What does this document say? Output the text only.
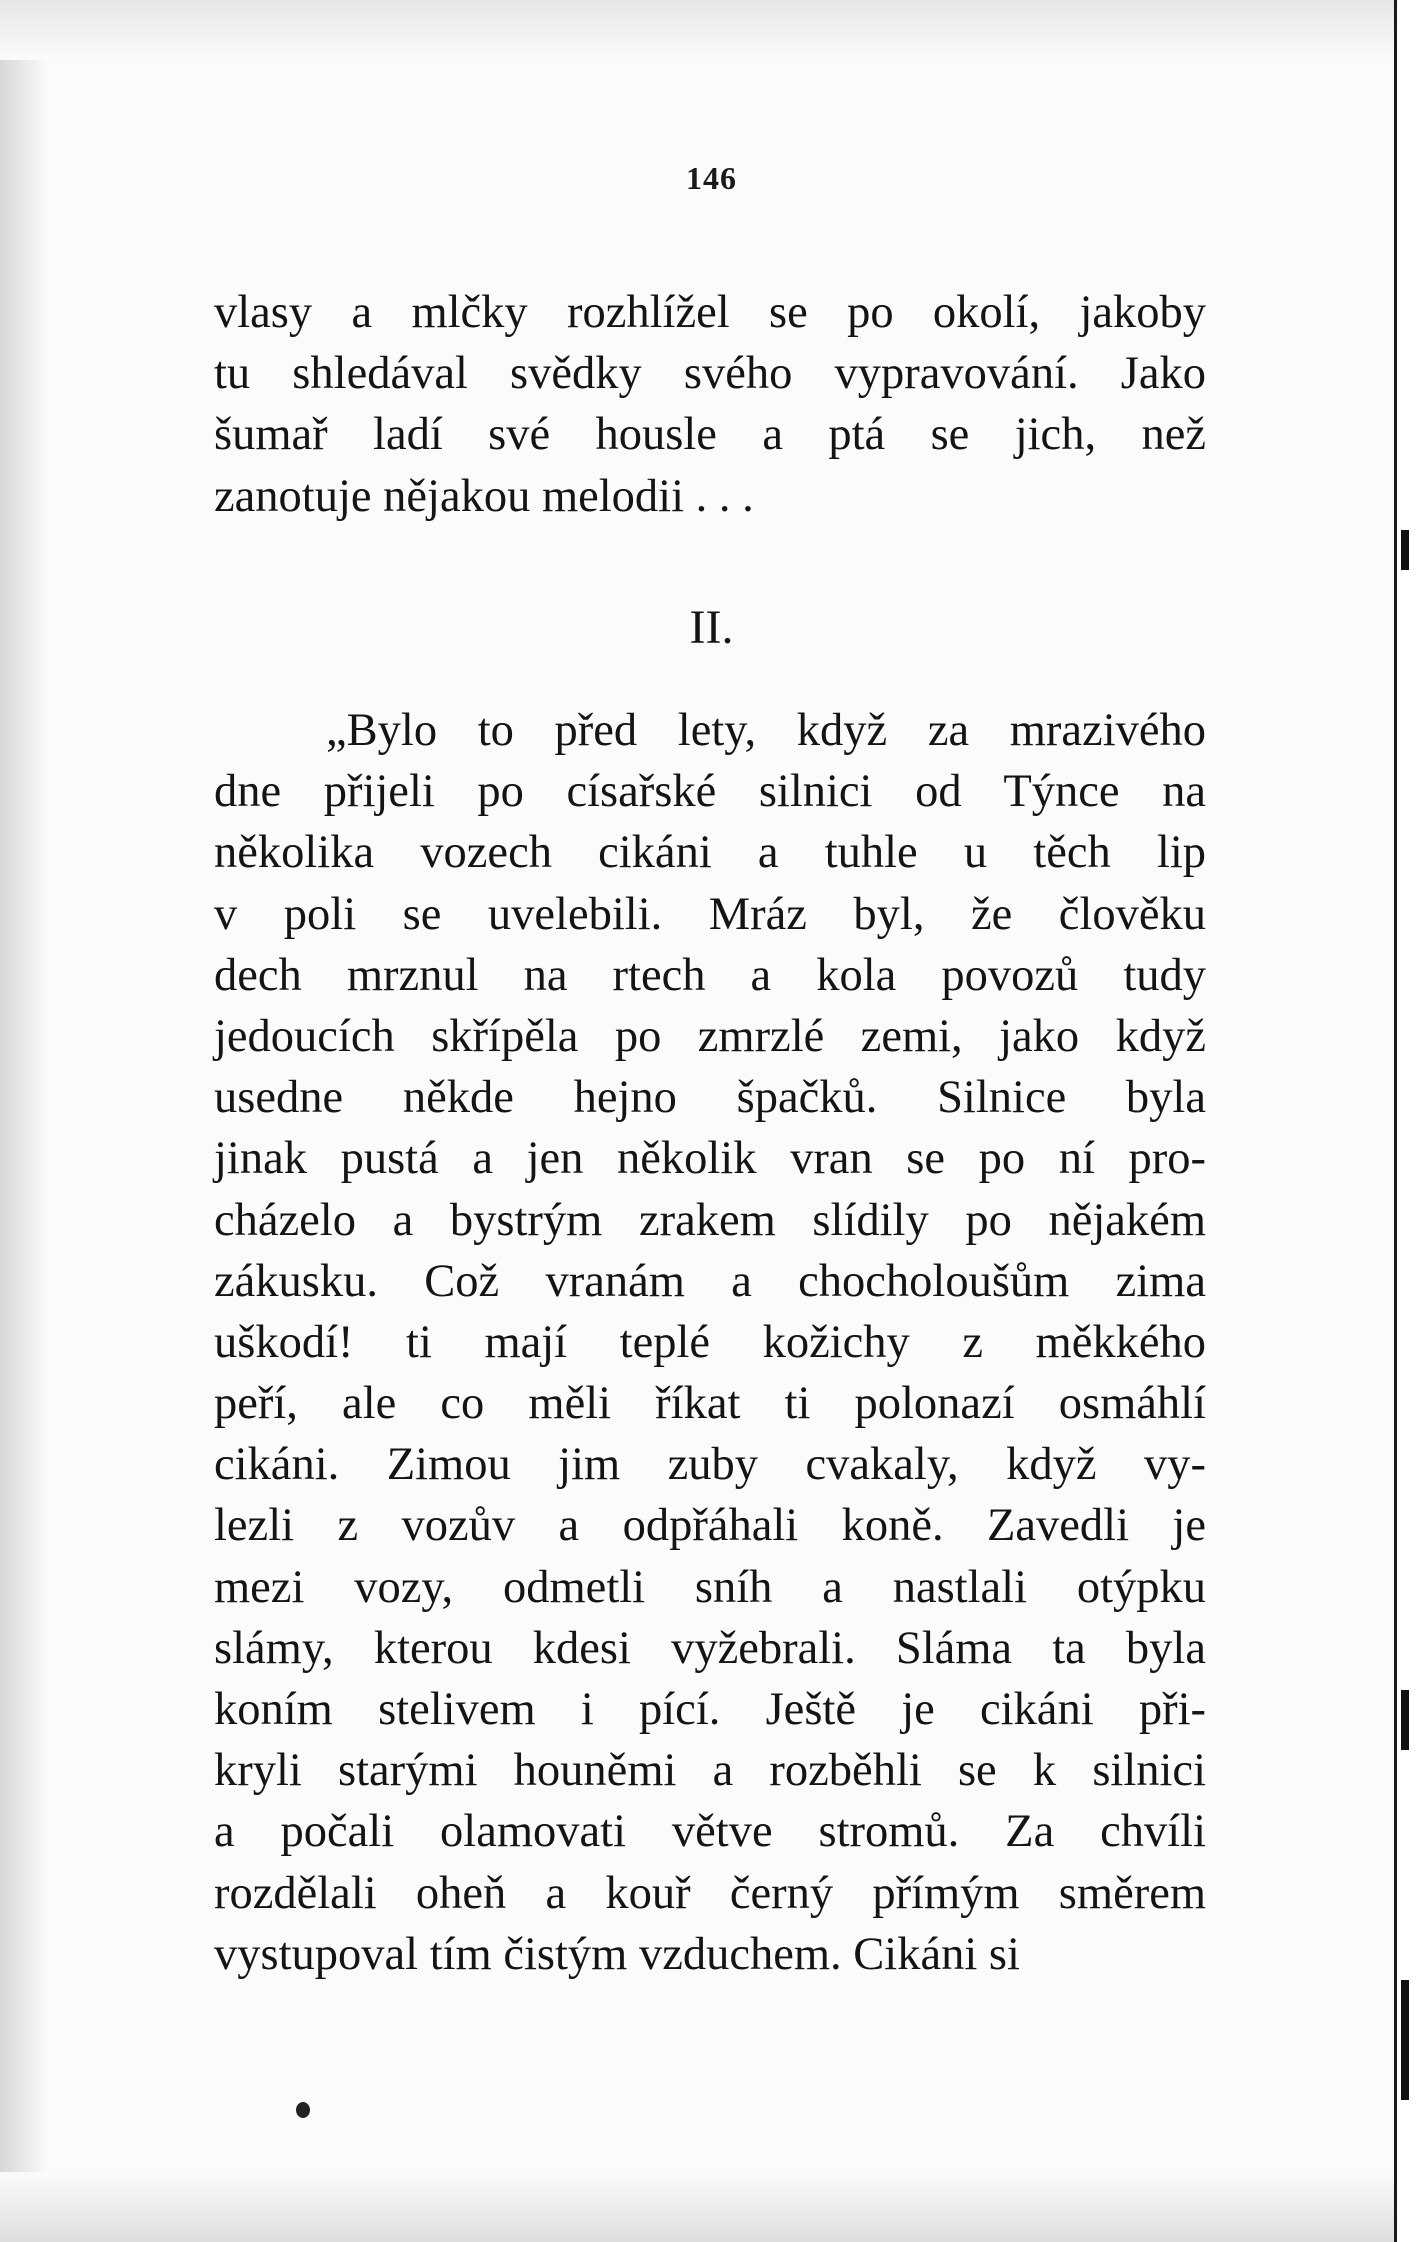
146
vlasy a mlčky rozhlížel se po okolí, jakoby
tu shledával svědky svého vypravování. Jako
šumař ladí své housle a ptá se jich, než
zanotuje nějakou melodii . . .
II.
„Bylo to před lety, když za mrazivého
dne přijeli po císařské silnici od Týnce na
několika vozech cikáni a tuhle u těch lip
v poli se uvelebili. Mráz byl, že člověku
dech mrznul na rtech a kola povozů tudy
jedoucích skřípěla po zmrzlé zemi, jako když
usedne někde hejno špačků. Silnice byla
jinak pustá a jen několik vran se po ní pro-
cházelo a bystrým zrakem slídily po nějakém
zákusku. Což vranám a chocholoušům zima
uškodí! ti mají teplé kožichy z měkkého
peří, ale co měli říkat ti polonazí osmáhlí
cikáni. Zimou jim zuby cvakaly, když vy-
lezli z vozův a odpřáhali koně. Zavedli je
mezi vozy, odmetli sníh a nastlali otýpku
slámy, kterou kdesi vyžebrali. Sláma ta byla
koním stelivem i pící. Ještě je cikáni při-
kryli starými houněmi a rozběhli se k silnici
a počali olamovati větve stromů. Za chvíli
rozdělali oheň a kouř černý přímým směrem
vystupoval tím čistým vzduchem. Cikáni si
